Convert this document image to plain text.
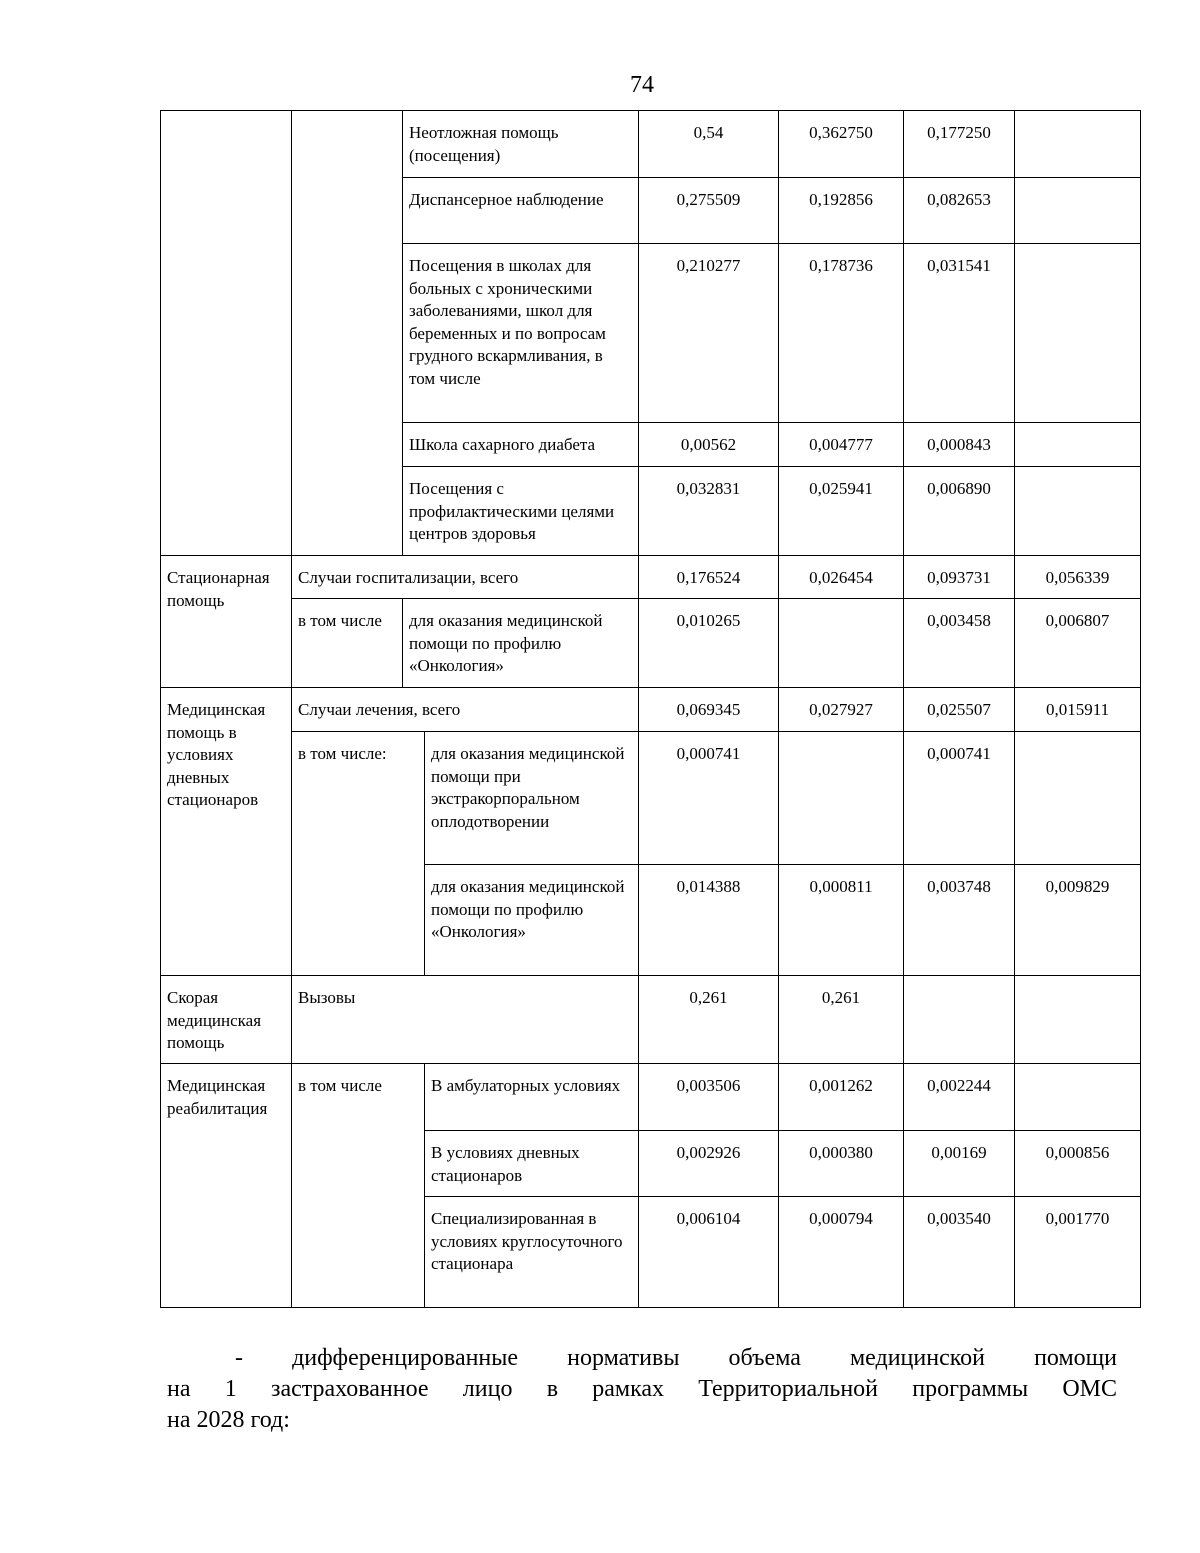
74
		Неотложная помощь (посещения)		0,54	0,362750	0,177250	
		Диспансерное наблюдение		0,275509	0,192856	0,082653	
		Посещения в школах для больных с хроническими заболеваниями, школ для беременных и по вопросам грудного вскармливания, в том числе		0,210277	0,178736	0,031541	
		Школа сахарного диабета		0,00562	0,004777	0,000843	
		Посещения с профилактическими целями центров здоровья		0,032831	0,025941	0,006890	
Стационарная помощь	Случаи госпитализации, всего			0,176524	0,026454	0,093731	0,056339
	в том числе	для оказания медицинской помощи по профилю «Онкология»		0,010265		0,003458	0,006807
Медицинская помощь в условиях дневных стационаров	Случаи лечения, всего			0,069345	0,027927	0,025507	0,015911
	в том числе:		для оказания медицинской помощи при экстракорпоральном оплодотворении	0,000741		0,000741	
			для оказания медицинской помощи по профилю «Онкология»	0,014388	0,000811	0,003748	0,009829
Скорая медицинская помощь	Вызовы			0,261	0,261		
Медицинская реабилитация	в том числе		В амбулаторных условиях	0,003506	0,001262	0,002244	
			В условиях дневных стационаров	0,002926	0,000380	0,00169	0,000856
			Специализированная в условиях круглосуточного стационара	0,006104	0,000794	0,003540	0,001770
- дифференцированные нормативы объема медицинской помощи
на 1 застрахованное лицо в рамках Территориальной программы ОМС
на 2028 год:
